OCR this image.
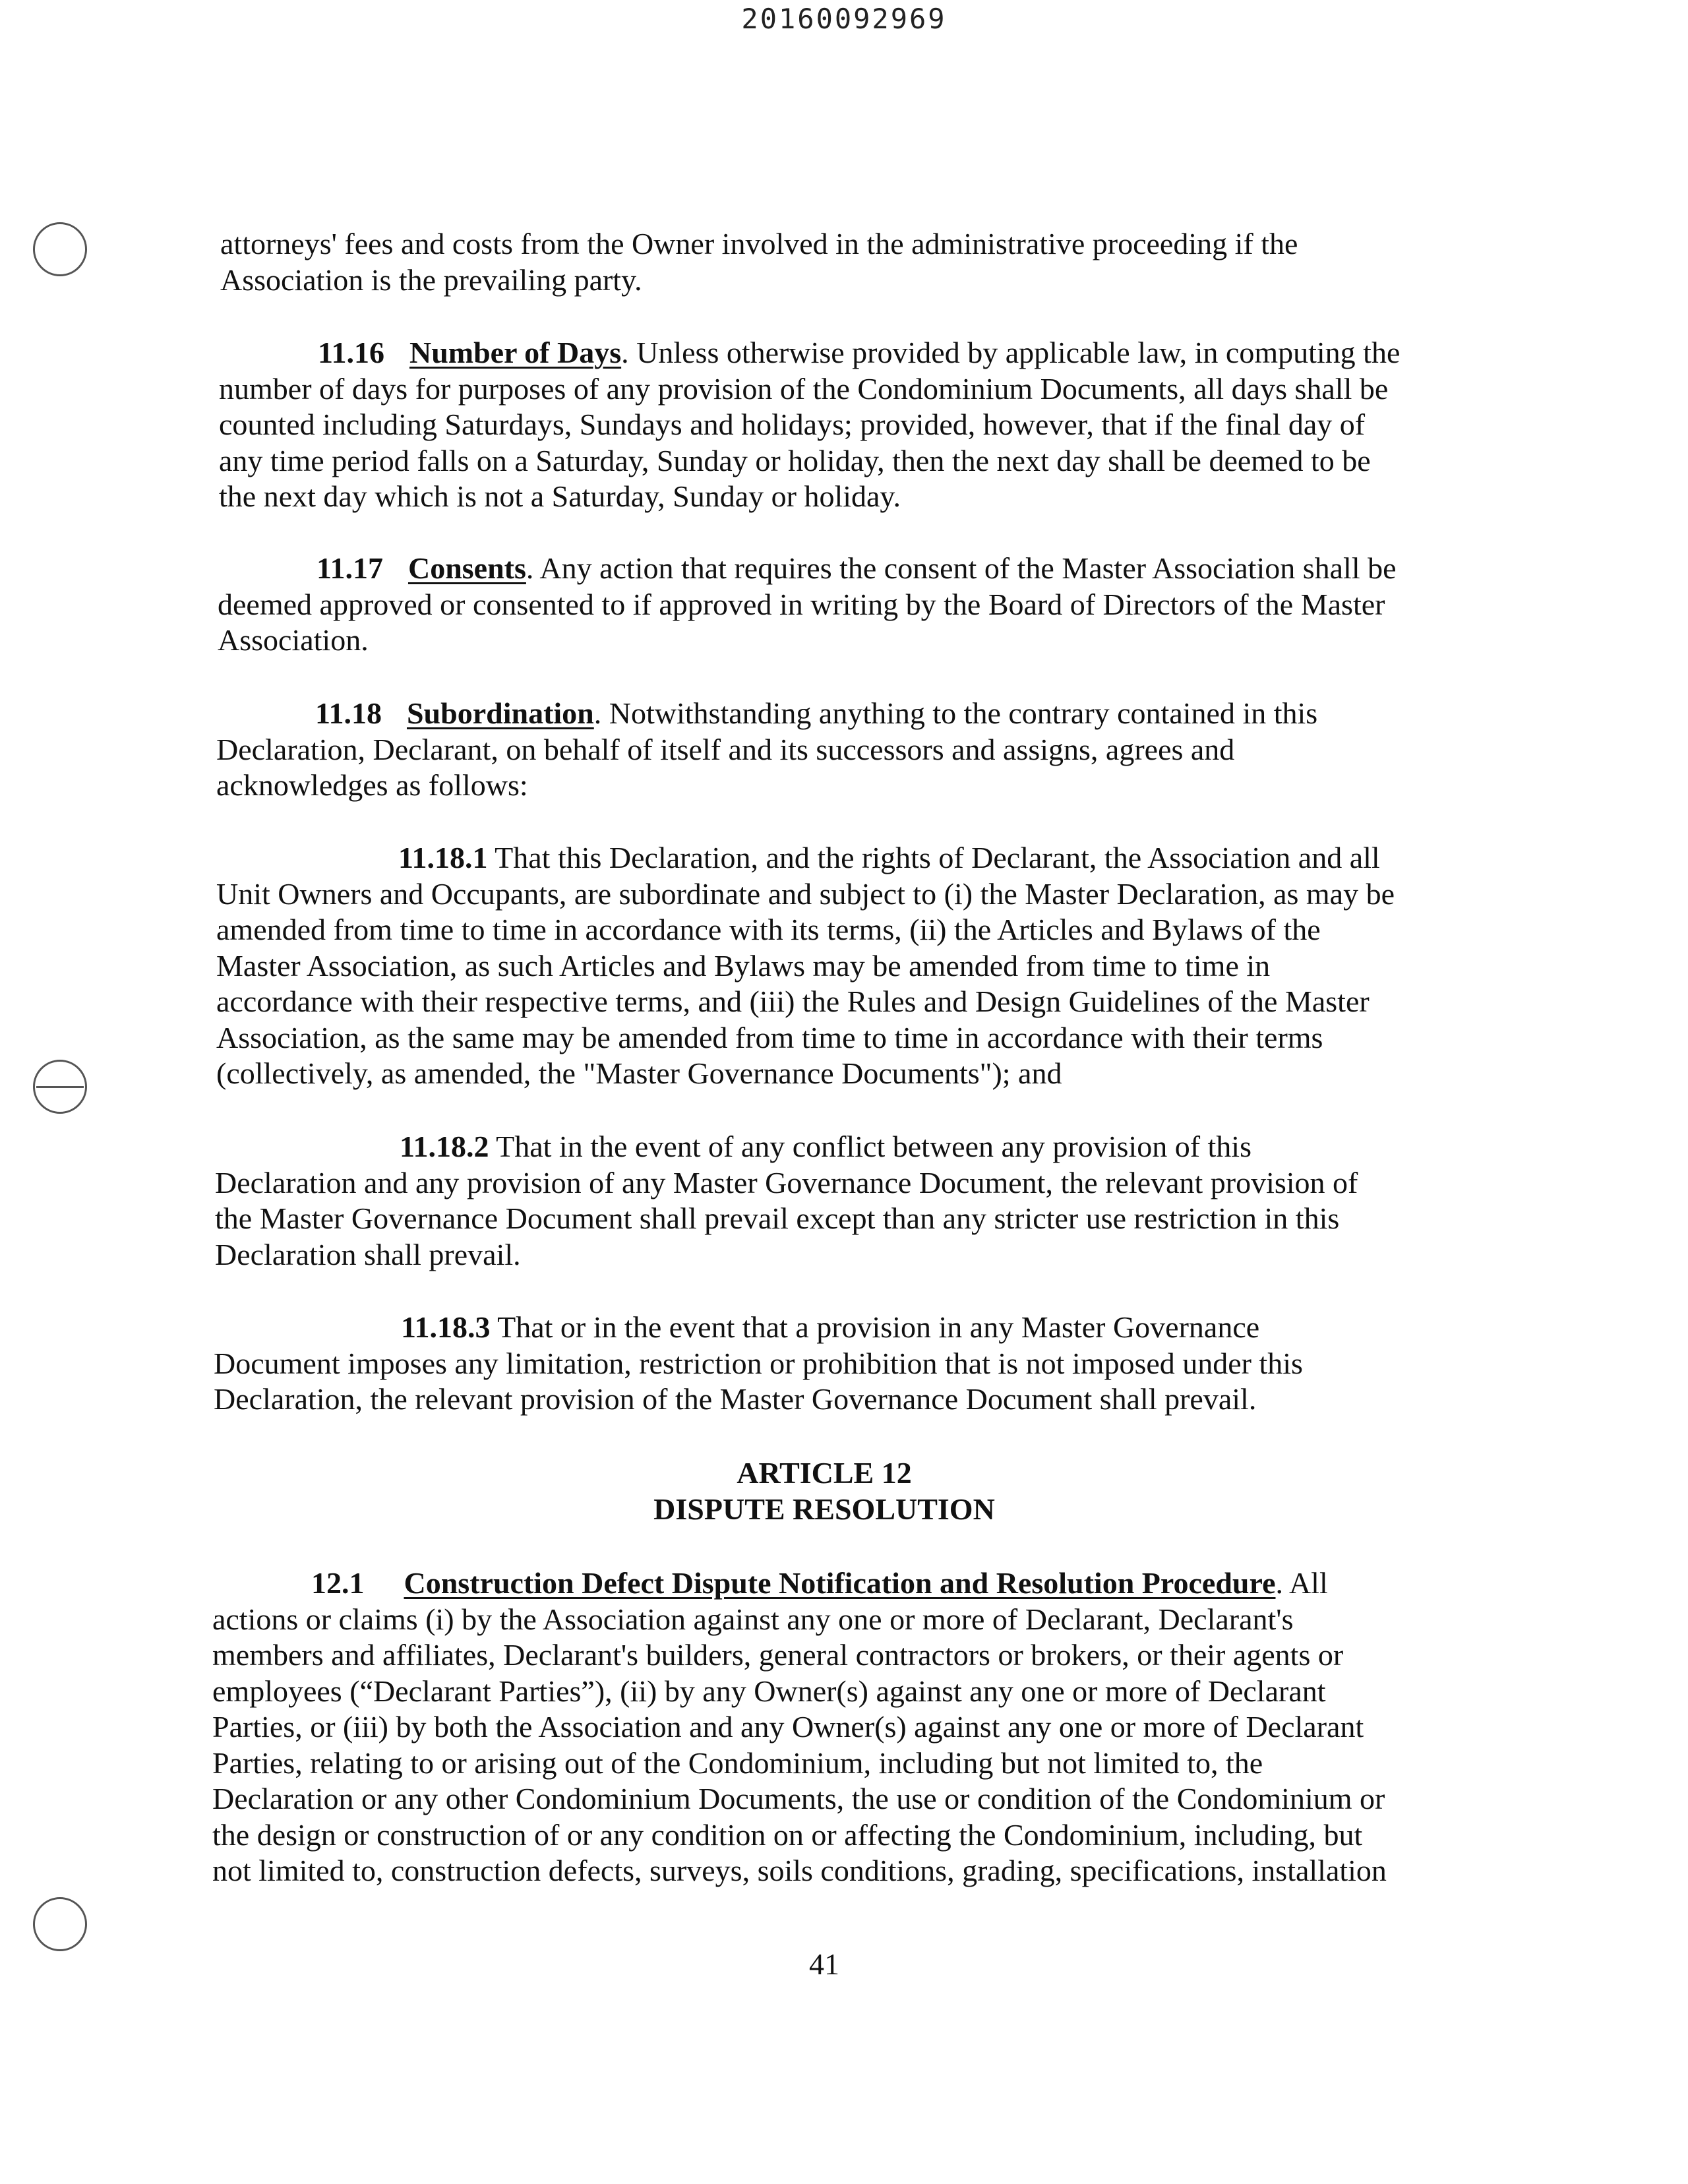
20160092969

attorneys' fees and costs from the Owner involved in the administrative proceeding if the
Association is the prevailing party.

11.16 Number of Days. Unless otherwise provided by applicable law, in computing the
number of days for purposes of any provision of the Condominium Documents, all days shall be
counted including Saturdays, Sundays and holidays; provided, however, that if the final day of
any time period falls on a Saturday, Sunday or holiday, then the next day shall be deemed to be
the next day which is not a Saturday, Sunday or holiday.

11.17 Consents. Any action that requires the consent of the Master Association shall be
deemed approved or consented to if approved in writing by the Board of Directors of the Master
Association.

11.18 Subordination. Notwithstanding anything to the contrary contained in this
Declaration, Declarant, on behalf of itself and its successors and assigns, agrees and
acknowledges as follows:

11.18.1 That this Declaration, and the rights of Declarant, the Association and all
Unit Owners and Occupants, are subordinate and subject to (i) the Master Declaration, as may be
amended from time to time in accordance with its terms, (ii) the Articles and Bylaws of the
Master Association, as such Articles and Bylaws may be amended from time to time in
accordance with their respective terms, and (iii) the Rules and Design Guidelines of the Master
Association, as the same may be amended from time to time in accordance with their terms
(collectively, as amended, the "Master Governance Documents"); and

11.18.2 That in the event of any conflict between any provision of this
Declaration and any provision of any Master Governance Document, the relevant provision of
the Master Governance Document shall prevail except than any stricter use restriction in this
Declaration shall prevail.

11.18.3 That or in the event that a provision in any Master Governance
Document imposes any limitation, restriction or prohibition that is not imposed under this
Declaration, the relevant provision of the Master Governance Document shall prevail.

ARTICLE 12

DISPUTE RESOLUTION

12.1 Construction Defect Dispute Notification and Resolution Procedure. All
actions or claims (i) by the Association against any one or more of Declarant, Declarant's
members and affiliates, Declarant's builders, general contractors or brokers, or their agents or
employees (“Declarant Parties”), (ii) by any Owner(s) against any one or more of Declarant
Parties, or (iii) by both the Association and any Owner(s) against any one or more of Declarant
Parties, relating to or arising out of the Condominium, including but not limited to, the
Declaration or any other Condominium Documents, the use or condition of the Condominium or
the design or construction of or any condition on or affecting the Condominium, including, but
not limited to, construction defects, surveys, soils conditions, grading, specifications, installation

41
